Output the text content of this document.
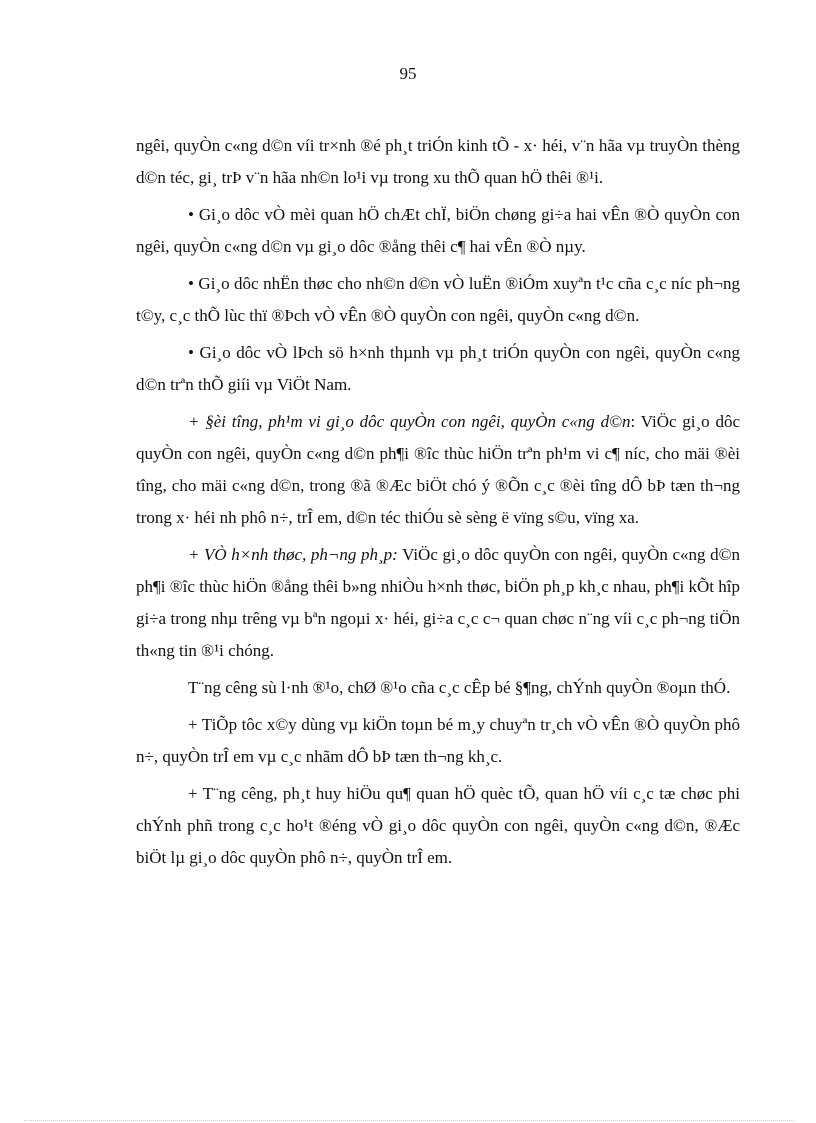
95

ngêi, quyÒn c«ng d©n víi tr×nh ®é ph¸t triÓn kinh tÕ - x· héi, v¨n hãa vµ truyÒn thèng d©n téc, gi¸ trÞ v¨n hãa nh©n lo¹i vµ trong xu thÕ quan hÖ thêi ®¹i.

• Gi¸o dôc vÒ mèi quan hÖ chÆt chÏ, biÖn chøng gi÷a hai vÊn ®Ò quyÒn con ngêi, quyÒn c«ng d©n vµ gi¸o dôc ®ång thêi c¶ hai vÊn ®Ò nµy.

• Gi¸o dôc nhËn thøc cho nh©n d©n vÒ luËn ®iÓm xuyªn t¹c cña c¸c níc ph¬ng t©y, c¸c thÕ lùc thï ®Þch vÒ vÊn ®Ò quyÒn con ngêi, quyÒn c«ng d©n.

• Gi¸o dôc vÒ lÞch sö h×nh thµnh vµ ph¸t triÓn quyÒn con ngêi, quyÒn c«ng d©n trªn thÕ giíi vµ ViÖt Nam.

+ §èi tîng, ph¹m vi gi¸o dôc quyÒn con ngêi, quyÒn c«ng d©n: ViÖc gi¸o dôc quyÒn con ngêi, quyÒn c«ng d©n ph¶i ®îc thùc hiÖn trªn ph¹m vi c¶ níc, cho mäi ®èi tîng, cho mäi c«ng d©n, trong ®ã ®Æc biÖt chó ý ®Õn c¸c ®èi tîng dÔ bÞ tæn th¬ng trong x· héi nh phô n÷, trÎ em, d©n téc thiÓu sè sèng ë vïng s©u, vïng xa.

+ VÒ h×nh thøc, ph¬ng ph¸p: ViÖc gi¸o dôc quyÒn con ngêi, quyÒn c«ng d©n ph¶i ®îc thùc hiÖn ®ång thêi b»ng nhiÒu h×nh thøc, biÖn ph¸p kh¸c nhau, ph¶i kÕt hîp gi÷a trong nhµ trêng vµ bªn ngoµi x· héi, gi÷a c¸c c¬ quan chøc n¨ng víi c¸c ph¬ng tiÖn th«ng tin ®¹i chóng.

T¨ng cêng sù l·nh ®¹o, chØ ®¹o cña c¸c cÊp bé §¶ng, chÝnh quyÒn ®oµn thÓ.

+ TiÕp tôc x©y dùng vµ kiÖn toµn bé m¸y chuyªn tr¸ch vÒ vÊn ®Ò quyÒn phô n÷, quyÒn trÎ em vµ c¸c nhãm dÔ bÞ tæn th¬ng kh¸c.

+ T¨ng cêng, ph¸t huy hiÖu qu¶ quan hÖ quèc tÕ, quan hÖ víi c¸c tæ chøc phi chÝnh phñ trong c¸c ho¹t ®éng vÒ gi¸o dôc quyÒn con ngêi, quyÒn c«ng d©n, ®Æc biÖt lµ gi¸o dôc quyÒn phô n÷, quyÒn trÎ em.
